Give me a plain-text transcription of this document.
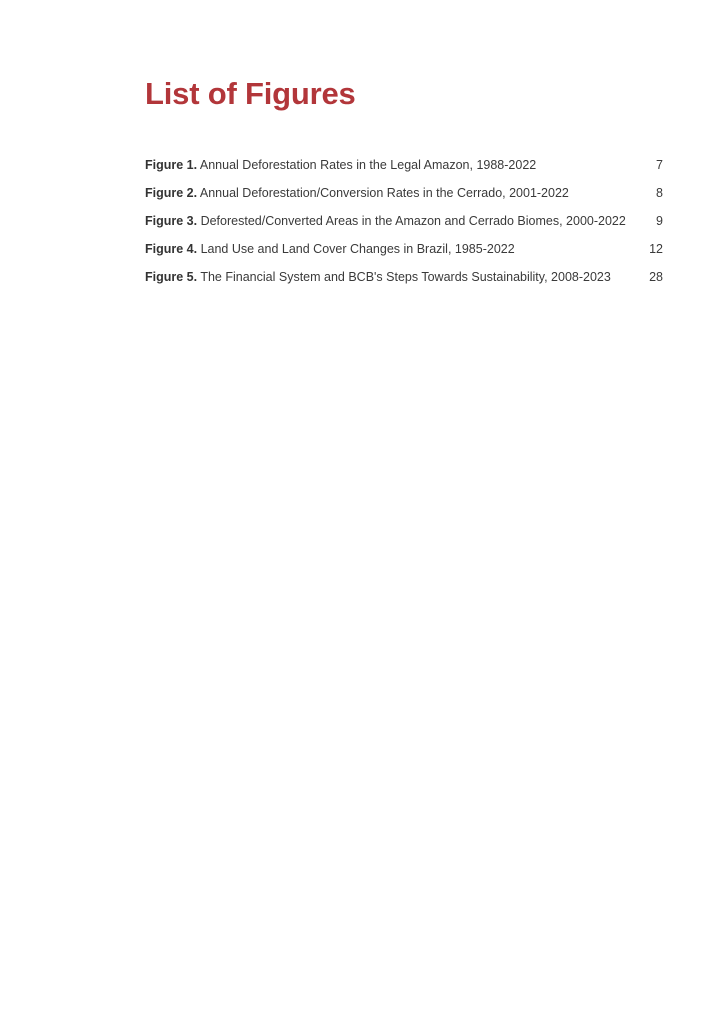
List of Figures
Figure 1. Annual Deforestation Rates in the Legal Amazon, 1988-2022	7
Figure 2. Annual Deforestation/Conversion Rates in the Cerrado, 2001-2022	8
Figure 3. Deforested/Converted Areas in the Amazon and Cerrado Biomes, 2000-2022	9
Figure 4. Land Use and Land Cover Changes in Brazil, 1985-2022	12
Figure 5. The Financial System and BCB's Steps Towards Sustainability, 2008-2023	28
